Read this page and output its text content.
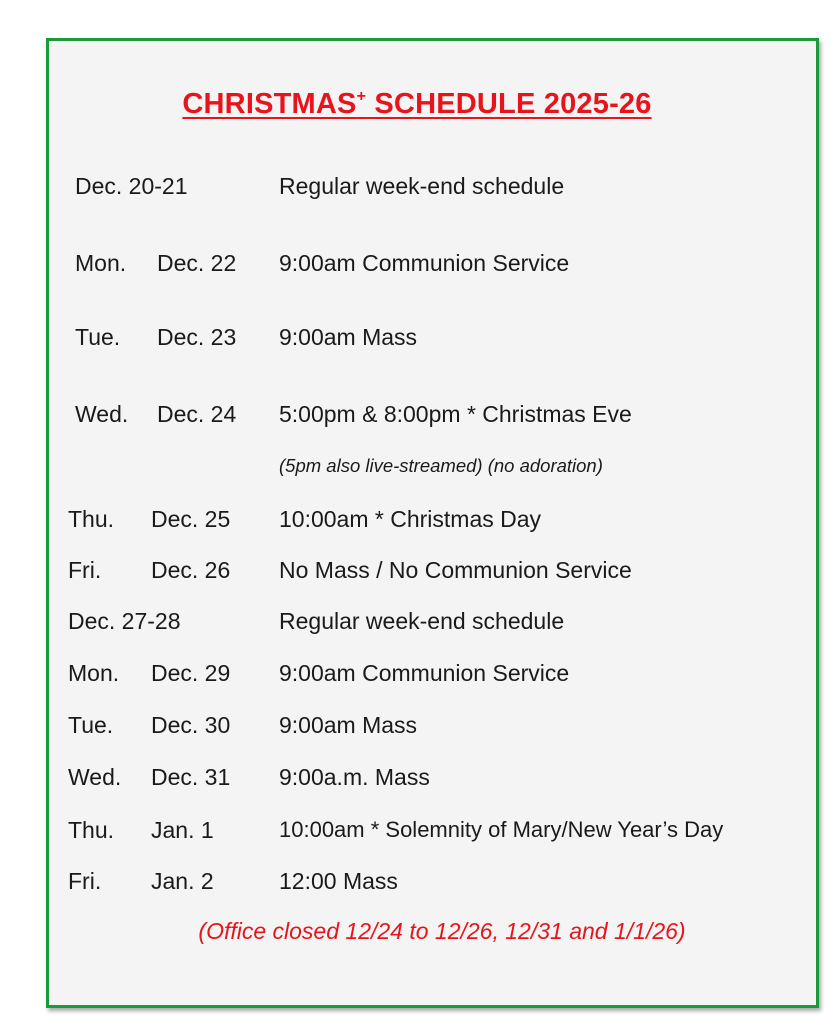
CHRISTMAS+ SCHEDULE 2025-26
Dec. 20-21	Regular week-end schedule
Mon. Dec. 22 9:00am Communion Service
Tue. Dec. 23 9:00am Mass
Wed. Dec. 24 5:00pm & 8:00pm * Christmas Eve
(5pm also live-streamed) (no adoration)
Thu. Dec. 25 10:00am * Christmas Day
Fri. Dec. 26 No Mass / No Communion Service
Dec. 27-28	Regular week-end schedule
Mon. Dec. 29 9:00am Communion Service
Tue. Dec. 30 9:00am Mass
Wed. Dec. 31 9:00a.m. Mass
Thu. Jan. 1	10:00am * Solemnity of Mary/New Year’s Day
Fri. Jan. 2	12:00 Mass
(Office closed 12/24 to 12/26, 12/31 and 1/1/26)
